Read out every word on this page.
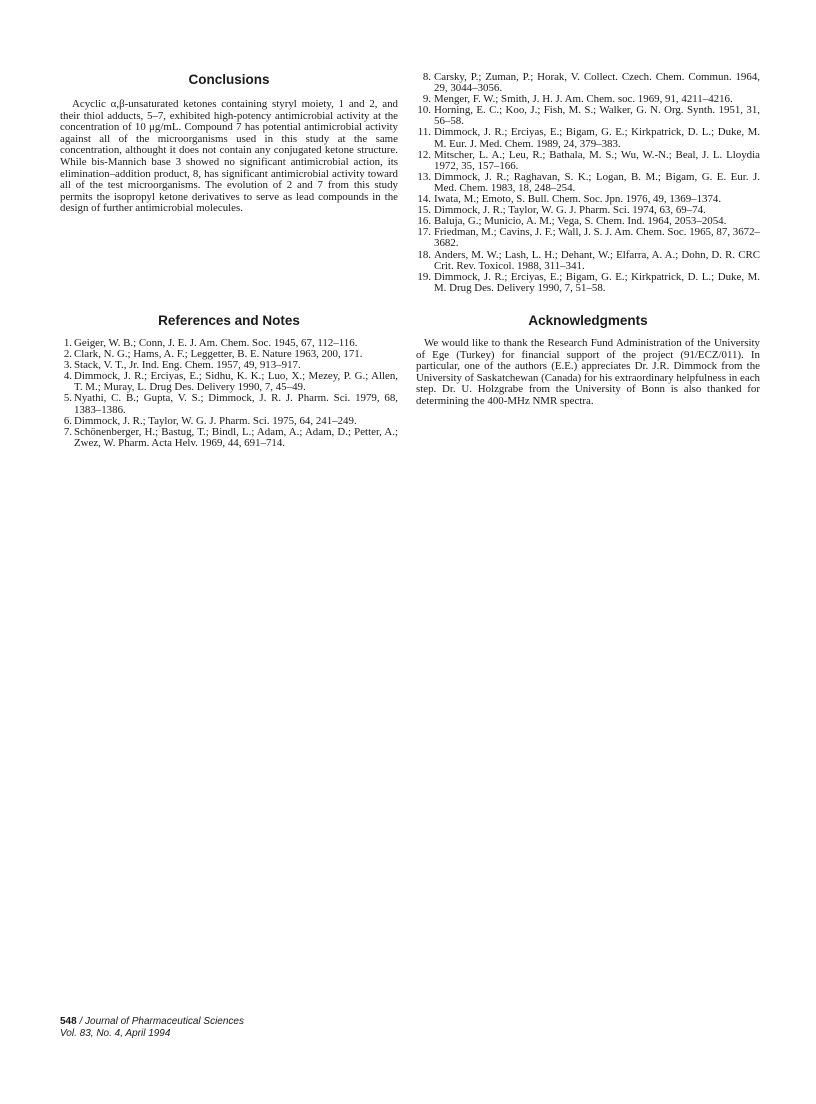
Conclusions

Acyclic α,β-unsaturated ketones containing styryl moiety, 1 and 2, and their thiol adducts, 5–7, exhibited high-potency antimicrobial activity at the concentration of 10 μg/mL. Compound 7 has potential antimicrobial activity against all of the microorganisms used in this study at the same concentration, althought it does not contain any conjugated ketone structure. While bis-Mannich base 3 showed no significant antimicrobial action, its elimination–addition product, 8, has significant antimicrobial activity toward all of the test microorganisms. The evolution of 2 and 7 from this study permits the isopropyl ketone derivatives to serve as lead compounds in the design of further antimicrobial molecules.

References and Notes
1. Geiger, W. B.; Conn, J. E. J. Am. Chem. Soc. 1945, 67, 112–116.
2. Clark, N. G.; Hams, A. F.; Leggetter, B. E. Nature 1963, 200, 171.
3. Stack, V. T., Jr. Ind. Eng. Chem. 1957, 49, 913–917.
4. Dimmock, J. R.; Erciyas, E.; Sidhu, K. K.; Luo, X.; Mezey, P. G.; Allen, T. M.; Muray, L. Drug Des. Delivery 1990, 7, 45–49.
5. Nyathi, C. B.; Gupta, V. S.; Dimmock, J. R. J. Pharm. Sci. 1979, 68, 1383–1386.
6. Dimmock, J. R.; Taylor, W. G. J. Pharm. Sci. 1975, 64, 241–249.
7. Schönenberger, H.; Bastug, T.; Bindl, L.; Adam, A.; Adam, D.; Petter, A.; Zwez, W. Pharm. Acta Helv. 1969, 44, 691–714.
8. Carsky, P.; Zuman, P.; Horak, V. Collect. Czech. Chem. Commun. 1964, 29, 3044–3056.
9. Menger, F. W.; Smith, J. H. J. Am. Chem. soc. 1969, 91, 4211–4216.
10. Horning, E. C.; Koo, J.; Fish, M. S.; Walker, G. N. Org. Synth. 1951, 31, 56–58.
11. Dimmock, J. R.; Erciyas, E.; Bigam, G. E.; Kirkpatrick, D. L.; Duke, M. M. Eur. J. Med. Chem. 1989, 24, 379–383.
12. Mitscher, L. A.; Leu, R.; Bathala, M. S.; Wu, W.-N.; Beal, J. L. Lloydia 1972, 35, 157–166.
13. Dimmock, J. R.; Raghavan, S. K.; Logan, B. M.; Bigam, G. E. Eur. J. Med. Chem. 1983, 18, 248–254.
14. Iwata, M.; Emoto, S. Bull. Chem. Soc. Jpn. 1976, 49, 1369–1374.
15. Dimmock, J. R.; Taylor, W. G. J. Pharm. Sci. 1974, 63, 69–74.
16. Baluja, G.; Municio, A. M.; Vega, S. Chem. Ind. 1964, 2053–2054.
17. Friedman, M.; Cavins, J. F.; Wall, J. S. J. Am. Chem. Soc. 1965, 87, 3672–3682.
18. Anders, M. W.; Lash, L. H.; Dehant, W.; Elfarra, A. A.; Dohn, D. R. CRC Crit. Rev. Toxicol. 1988, 311–341.
19. Dimmock, J. R.; Erciyas, E.; Bigam, G. E.; Kirkpatrick, D. L.; Duke, M. M. Drug Des. Delivery 1990, 7, 51–58.
Acknowledgments

We would like to thank the Research Fund Administration of the University of Ege (Turkey) for financial support of the project (91/ECZ/011). In particular, one of the authors (E.E.) appreciates Dr. J.R. Dimmock from the University of Saskatchewan (Canada) for his extraordinary helpfulness in each step. Dr. U. Holzgrabe from the University of Bonn is also thanked for determining the 400-MHz NMR spectra.

548 / Journal of Pharmaceutical Sciences
Vol. 83, No. 4, April 1994
